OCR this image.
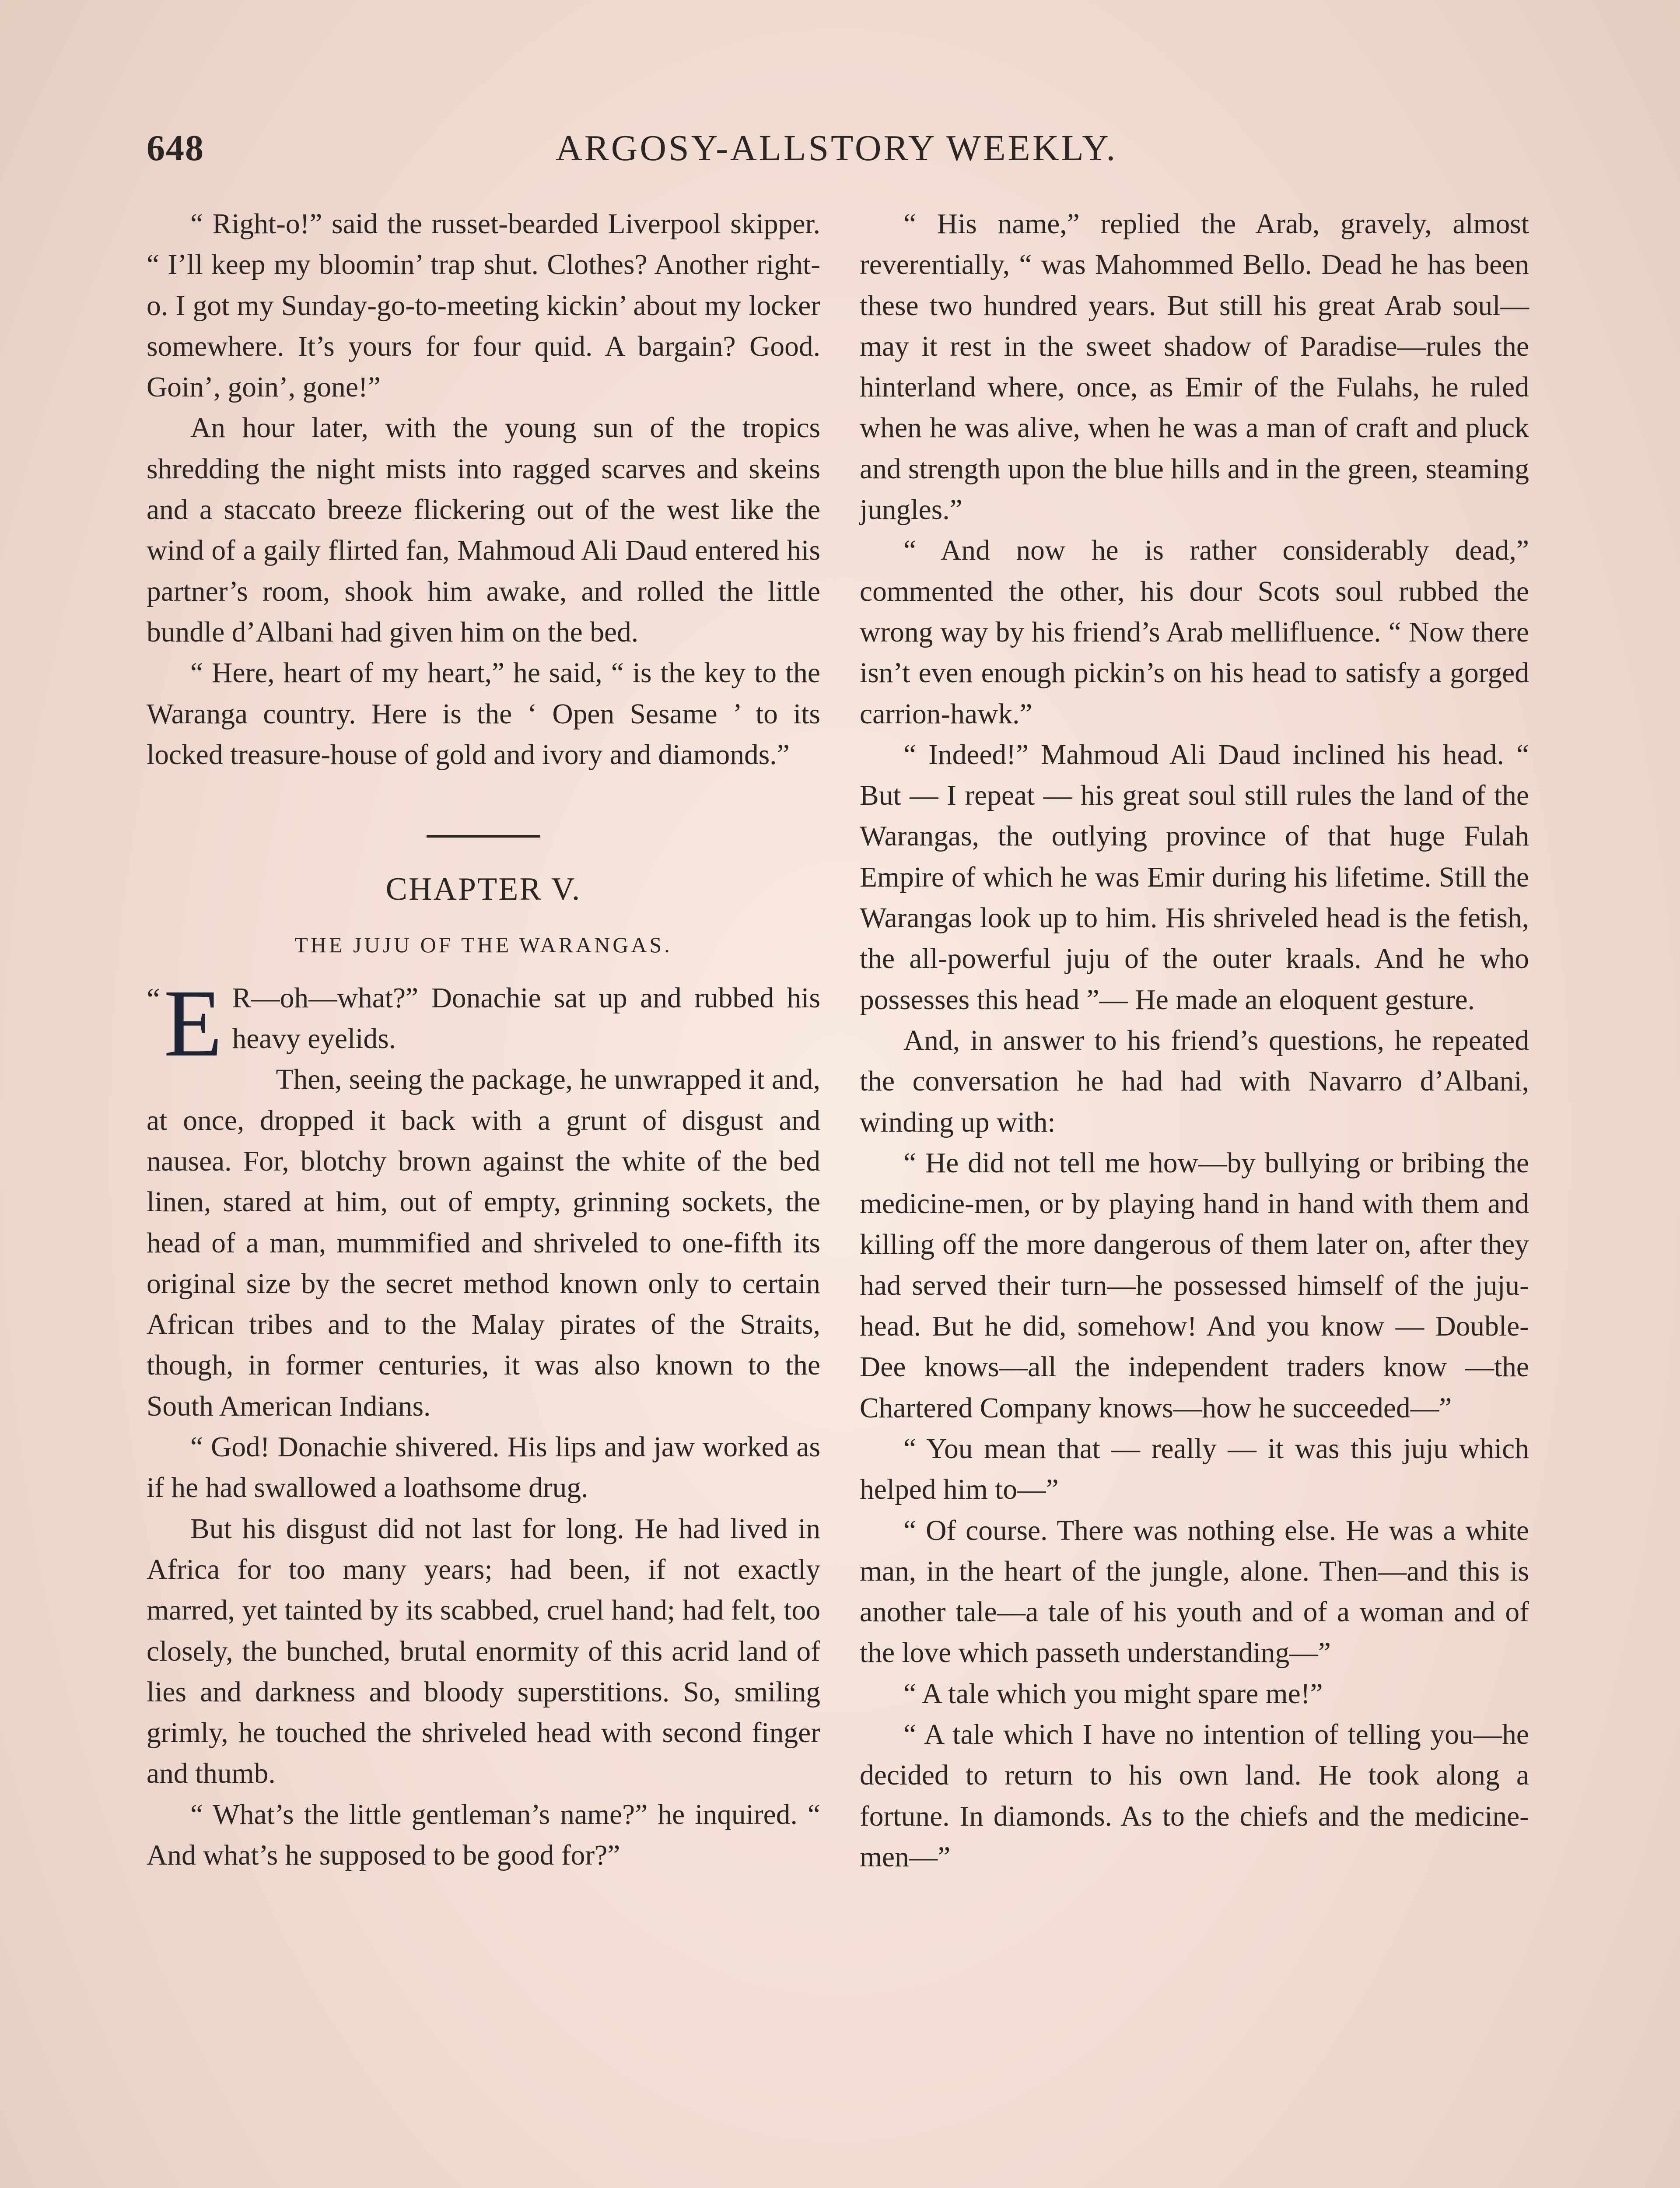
648	ARGOSY-ALLSTORY WEEKLY.

“ Right-o!” said the russet-bearded Liverpool skipper. “ I’ll keep my bloomin’ trap shut. Clothes? Another right-o. I got my Sunday-go-to-meeting kickin’ about my locker somewhere. It’s yours for four quid. A bargain? Good. Goin’, goin’, gone!”

An hour later, with the young sun of the tropics shredding the night mists into ragged scarves and skeins and a staccato breeze flickering out of the west like the wind of a gaily flirted fan, Mahmoud Ali Daud entered his partner’s room, shook him awake, and rolled the little bundle d’Albani had given him on the bed.

“ Here, heart of my heart,” he said, “ is the key to the Waranga country. Here is the ‘ Open Sesame ’ to its locked treasure-house of gold and ivory and diamonds.”

CHAPTER V.
THE JUJU OF THE WARANGAS.

“ E R—oh—what?” Donachie sat up and rubbed his heavy eyelids.

Then, seeing the package, he unwrapped it and, at once, dropped it back with a grunt of disgust and nausea. For, blotchy brown against the white of the bed linen, stared at him, out of empty, grinning sockets, the head of a man, mummified and shriveled to one-fifth its original size by the secret method known only to certain African tribes and to the Malay pirates of the Straits, though, in former centuries, it was also known to the South American Indians.

“ God! Donachie shivered. His lips and jaw worked as if he had swallowed a loathsome drug.

But his disgust did not last for long. He had lived in Africa for too many years; had been, if not exactly marred, yet tainted by its scabbed, cruel hand; had felt, too closely, the bunched, brutal enormity of this acrid land of lies and darkness and bloody superstitions. So, smiling grimly, he touched the shriveled head with second finger and thumb.

“ What’s the little gentleman’s name?” he inquired. “ And what’s he supposed to be good for?”

“ His name,” replied the Arab, gravely, almost reverentially, “ was Mahommed Bello. Dead he has been these two hundred years. But still his great Arab soul—may it rest in the sweet shadow of Paradise—rules the hinterland where, once, as Emir of the Fulahs, he ruled when he was alive, when he was a man of craft and pluck and strength upon the blue hills and in the green, steaming jungles.”

“ And now he is rather considerably dead,” commented the other, his dour Scots soul rubbed the wrong way by his friend’s Arab mellifluence. “ Now there isn’t even enough pickin’s on his head to satisfy a gorged carrion-hawk.”

“ Indeed!” Mahmoud Ali Daud inclined his head. “ But — I repeat — his great soul still rules the land of the Warangas, the outlying province of that huge Fulah Empire of which he was Emir during his lifetime. Still the Warangas look up to him. His shriveled head is the fetish, the all-powerful juju of the outer kraals. And he who possesses this head ”— He made an eloquent gesture.

And, in answer to his friend’s questions, he repeated the conversation he had had with Navarro d’Albani, winding up with:

“ He did not tell me how—by bullying or bribing the medicine-men, or by playing hand in hand with them and killing off the more dangerous of them later on, after they had served their turn—he possessed himself of the juju-head. But he did, somehow! And you know — Double-Dee knows—all the independent traders know —the Chartered Company knows—how he succeeded—”

“ You mean that — really — it was this juju which helped him to—”

“ Of course. There was nothing else. He was a white man, in the heart of the jungle, alone. Then—and this is another tale—a tale of his youth and of a woman and of the love which passeth understanding—”

“ A tale which you might spare me!”

“ A tale which I have no intention of telling you—he decided to return to his own land. He took along a fortune. In diamonds. As to the chiefs and the medicine-men—”
